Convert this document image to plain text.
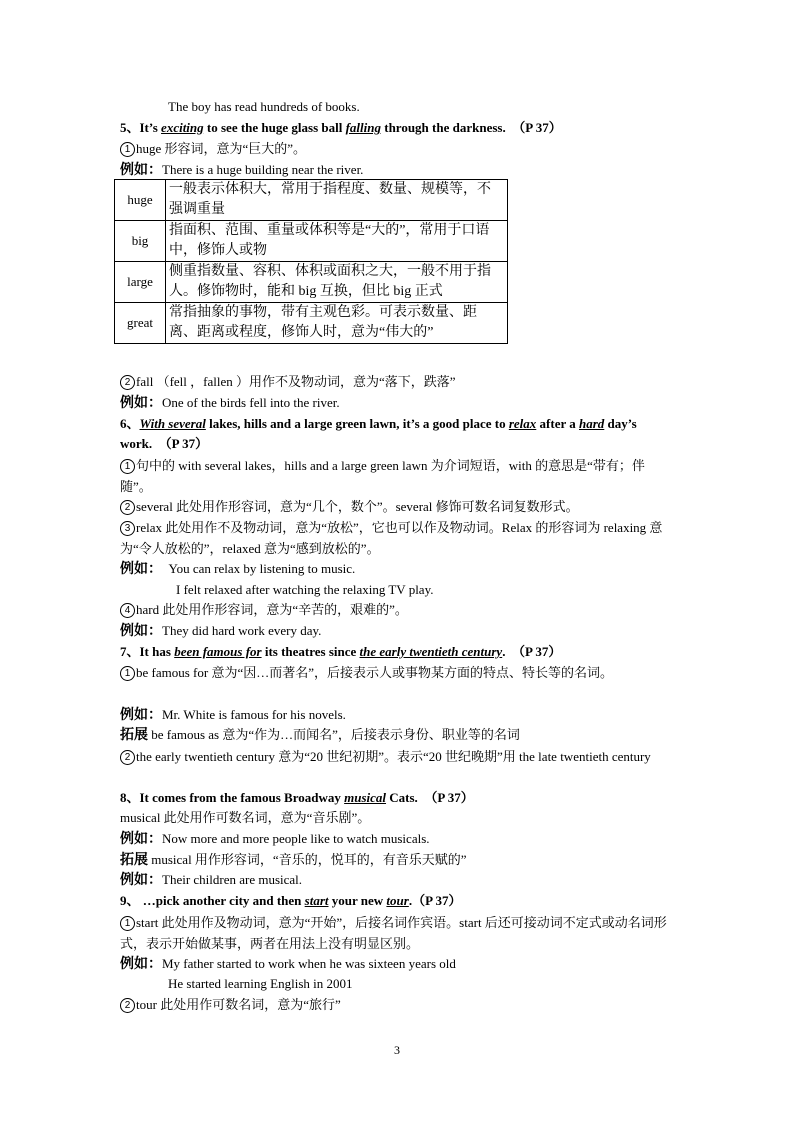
The boy has read hundreds of books.
5、It’s exciting to see the huge glass ball falling through the darkness. （P 37）
1 huge 形容词，意为“巨大的”。
例如：There is a huge building near the river.
huge	一般表示体积大，常用于指程度、数量、规模等，不强调重量
big	指面积、范围、重量或体积等是“大的”，常用于口语中，修饰人或物
large	侧重指数量、容积、体积或面积之大，一般不用于指人。修饰物时，能和 big 互换，但比 big 正式
great	常指抽象的事物，带有主观色彩。可表示数量、距离、距离或程度，修饰人时，意为“伟大的”
2 fall （fell ，fallen ）用作不及物动词，意为“落下，跌落”
例如：One of the birds fell into the river.
6、With several lakes, hills and a large green lawn, it’s a good place to relax after a hard day’s work. （P 37）
1 句中的 with several lakes，hills and a large green lawn 为介词短语，with 的意思是“带有；伴随”。
2 several 此处用作形容词，意为“几个，数个”。several 修饰可数名词复数形式。
3 relax 此处用作不及物动词，意为“放松”，它也可以作及物动词。Relax 的形容词为 relaxing 意为“令人放松的”，relaxed 意为“感到放松的”。
例如： You can relax by listening to music.
I felt relaxed after watching the relaxing TV play.
4 hard 此处用作形容词，意为“辛苦的，艰难的”。
例如：They did hard work every day.
7、It has been famous for its theatres since the early twentieth century. （P 37）
1 be famous for 意为“因…而著名”，后接表示人或事物某方面的特点、特长等的名词。
例如：Mr. White is famous for his novels.
拓展 be famous as 意为“作为…而闻名”，后接表示身份、职业等的名词
2 the early twentieth century 意为“20 世纪初期”。表示“20 世纪晚期”用 the late twentieth century
8、It comes from the famous Broadway musical Cats. （P 37）
musical 此处用作可数名词，意为“音乐剧”。
例如：Now more and more people like to watch musicals.
拓展 musical 用作形容词，“音乐的，悦耳的，有音乐天赋的”
例如：Their children are musical.
9、 …pick another city and then start your new tour.（P 37）
1 start 此处用作及物动词，意为“开始”，后接名词作宾语。start 后还可接动词不定式或动名词形式，表示开始做某事，两者在用法上没有明显区别。
例如：My father started to work when he was sixteen years old
He started learning English in 2001
2 tour 此处用作可数名词，意为“旅行”
3
